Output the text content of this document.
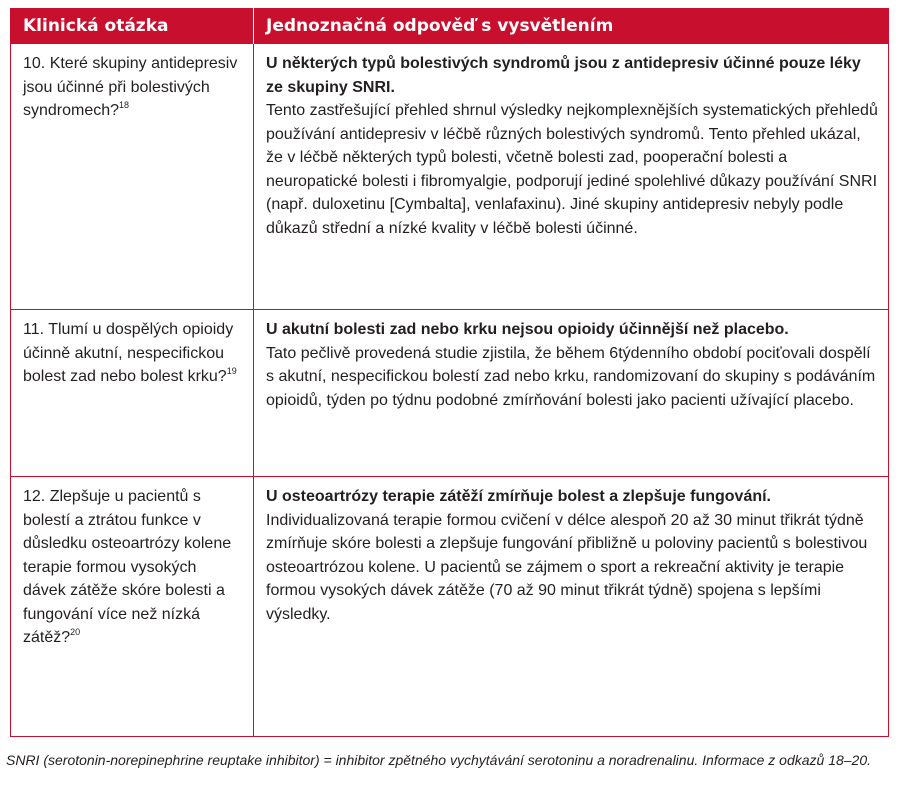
Klinická otázka	Jednoznačná odpověď s vysvětlením

10. Které skupiny antidepresiv jsou účinné při bolestivých syndromech?$^{18}$	U některých typů bolestivých syndromů jsou z antidepresiv účinné pouze léky ze skupiny SNRI.
Tento zastřešující přehled shrnul výsledky nejkomplexnějších systematických přehledů používání antidepresiv v léčbě různých bolestivých syndromů. Tento přehled ukázal, že v léčbě některých typů bolesti, včetně bolesti zad, pooperační bolesti a neuropatické bolesti i fibromyalgie, podporují jediné spolehlivé důkazy používání SNRI (např. duloxetinu [Cymbalta], venlafaxinu). Jiné skupiny antidepresiv nebyly podle důkazů střední a nízké kvality v léčbě bolesti účinné.

11. Tlumí u dospělých opioidy účinně akutní, nespecifickou bolest zad nebo bolest krku?$^{19}$	U akutní bolesti zad nebo krku nejsou opioidy účinnější než placebo.
Tato pečlivě provedená studie zjistila, že během 6týdenního období pociťovali dospělí s akutní, nespecifickou bolestí zad nebo krku, randomizovaní do skupiny s podáváním opioidů, týden po týdnu podobné zmírňování bolesti jako pacienti užívající placebo.

12. Zlepšuje u pacientů s bolestí a ztrátou funkce v důsledku osteoartrózy kolene terapie formou vysokých dávek zátěže skóre bolesti a fungování více než nízká zátěž?$^{20}$	U osteoartrózy terapie zátěží zmírňuje bolest a zlepšuje fungování.
Individualizovaná terapie formou cvičení v délce alespoň 20 až 30 minut třikrát týdně zmírňuje skóre bolesti a zlepšuje fungování přibližně u poloviny pacientů s bolestivou osteoartrózou kolene. U pacientů se zájmem o sport a rekreační aktivity je terapie formou vysokých dávek zátěže (70 až 90 minut třikrát týdně) spojena s lepšími výsledky.
SNRI (serotonin-norepinephrine reuptake inhibitor) = inhibitor zpětného vychytávání serotoninu a noradrenalinu. Informace z odkazů 18–20.
